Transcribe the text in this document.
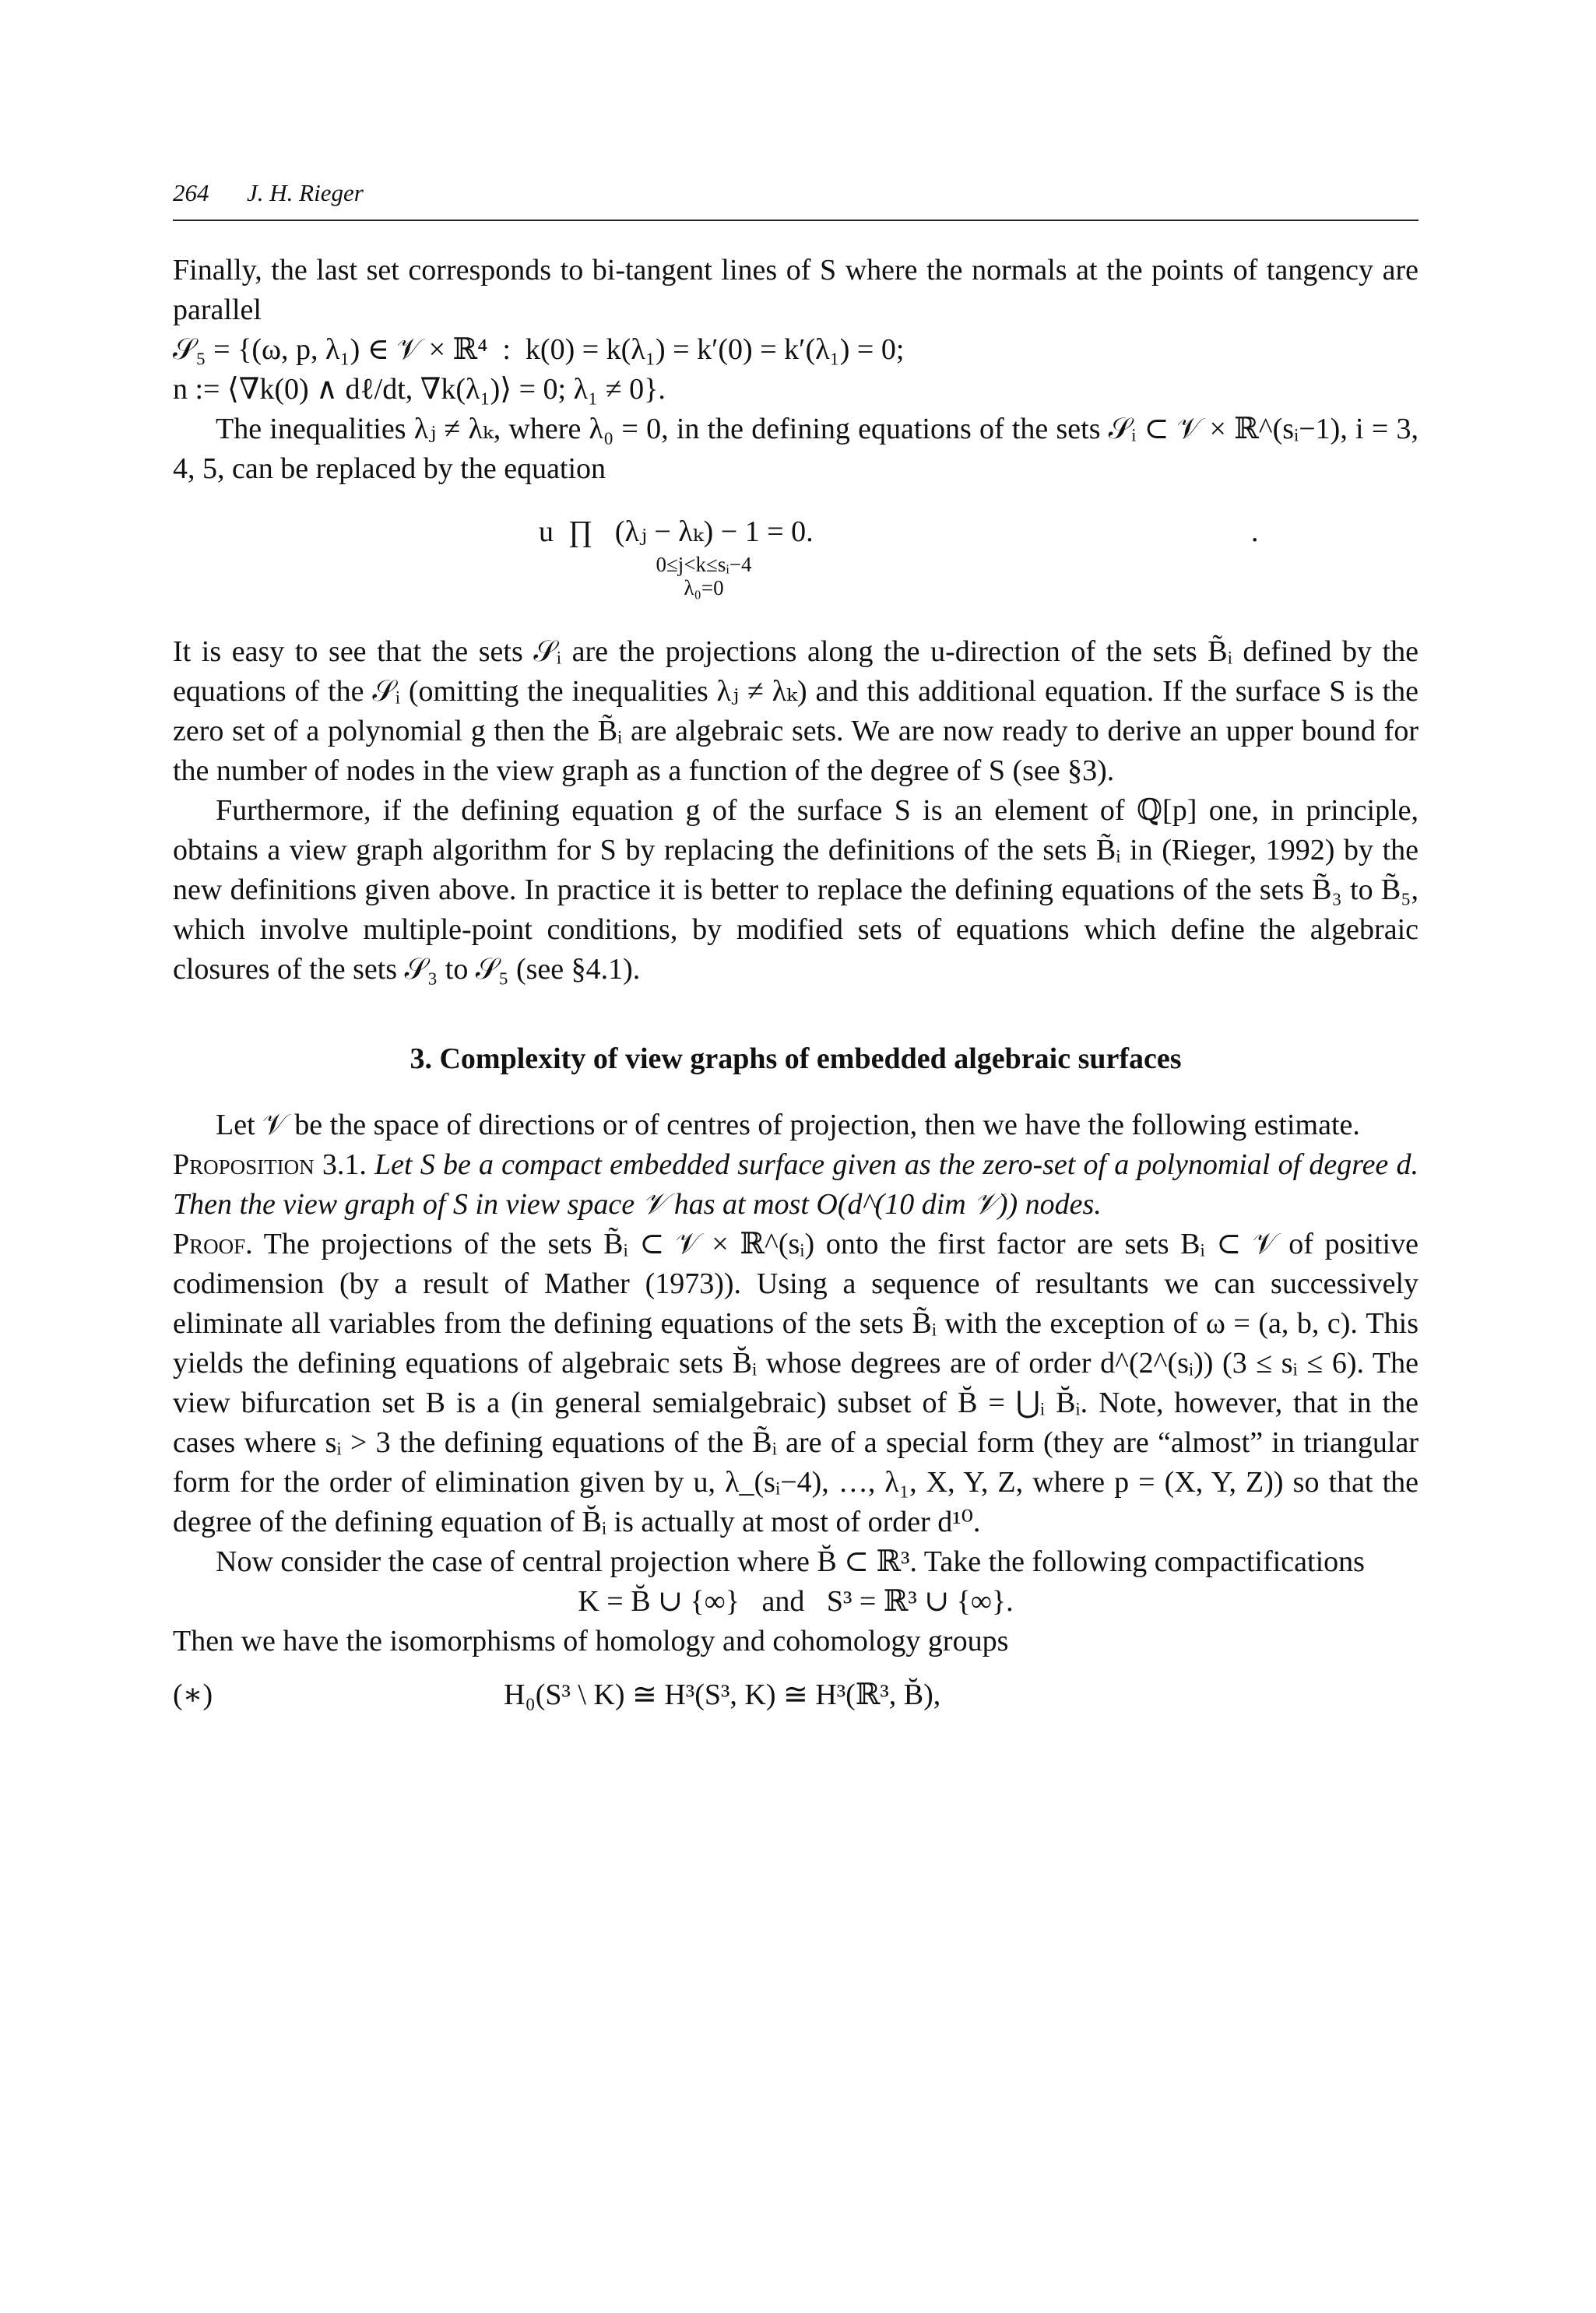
264 J. H. Rieger

Finally, the last set corresponds to bi-tangent lines of S where the normals at the points of tangency are parallel

𝒮₅ = {(ω, p, λ₁) ∈ 𝒱 × ℝ⁴  :  k(0) = k(λ₁) = k′(0) = k′(λ₁) = 0;

n := ⟨∇k(0) ∧ dℓ/dt, ∇k(λ₁)⟩ = 0; λ₁ ≠ 0}.

The inequalities λⱼ ≠ λₖ, where λ₀ = 0, in the defining equations of the sets 𝒮ᵢ ⊂ 𝒱 × ℝ^(sᵢ−1), i = 3, 4, 5, can be replaced by the equation

u  ∏   (λⱼ − λₖ) − 1 = 0.
0≤j<k≤sᵢ−4
λ₀=0
.

It is easy to see that the sets 𝒮ᵢ are the projections along the u-direction of the sets B̃ᵢ defined by the equations of the 𝒮ᵢ (omitting the inequalities λⱼ ≠ λₖ) and this additional equation. If the surface S is the zero set of a polynomial g then the B̃ᵢ are algebraic sets. We are now ready to derive an upper bound for the number of nodes in the view graph as a function of the degree of S (see §3).

Furthermore, if the defining equation g of the surface S is an element of ℚ[p] one, in principle, obtains a view graph algorithm for S by replacing the definitions of the sets B̃ᵢ in (Rieger, 1992) by the new definitions given above. In practice it is better to replace the defining equations of the sets B̃₃ to B̃₅, which involve multiple-point conditions, by modified sets of equations which define the algebraic closures of the sets 𝒮₃ to 𝒮₅ (see §4.1).

3. Complexity of view graphs of embedded algebraic surfaces

Let 𝒱 be the space of directions or of centres of projection, then we have the following estimate.

Proposition 3.1. Let S be a compact embedded surface given as the zero-set of a polynomial of degree d. Then the view graph of S in view space 𝒱 has at most O(d^(10 dim 𝒱)) nodes.

Proof. The projections of the sets B̃ᵢ ⊂ 𝒱 × ℝ^(sᵢ) onto the first factor are sets Bᵢ ⊂ 𝒱 of positive codimension (by a result of Mather (1973)). Using a sequence of resultants we can successively eliminate all variables from the defining equations of the sets B̃ᵢ with the exception of ω = (a, b, c). This yields the defining equations of algebraic sets B̆ᵢ whose degrees are of order d^(2^(sᵢ)) (3 ≤ sᵢ ≤ 6). The view bifurcation set B is a (in general semialgebraic) subset of B̆ = ⋃ᵢ B̆ᵢ. Note, however, that in the cases where sᵢ > 3 the defining equations of the B̃ᵢ are of a special form (they are “almost” in triangular form for the order of elimination given by u, λ_(sᵢ−4), …, λ₁, X, Y, Z, where p = (X, Y, Z)) so that the degree of the defining equation of B̆ᵢ is actually at most of order d¹⁰.

Now consider the case of central projection where B̆ ⊂ ℝ³. Take the following compactifications

K = B̆ ∪ {∞}   and   S³ = ℝ³ ∪ {∞}.

Then we have the isomorphisms of homology and cohomology groups

(∗)	H₀(S³ \ K) ≅ H³(S³, K) ≅ H³(ℝ³, B̆),
